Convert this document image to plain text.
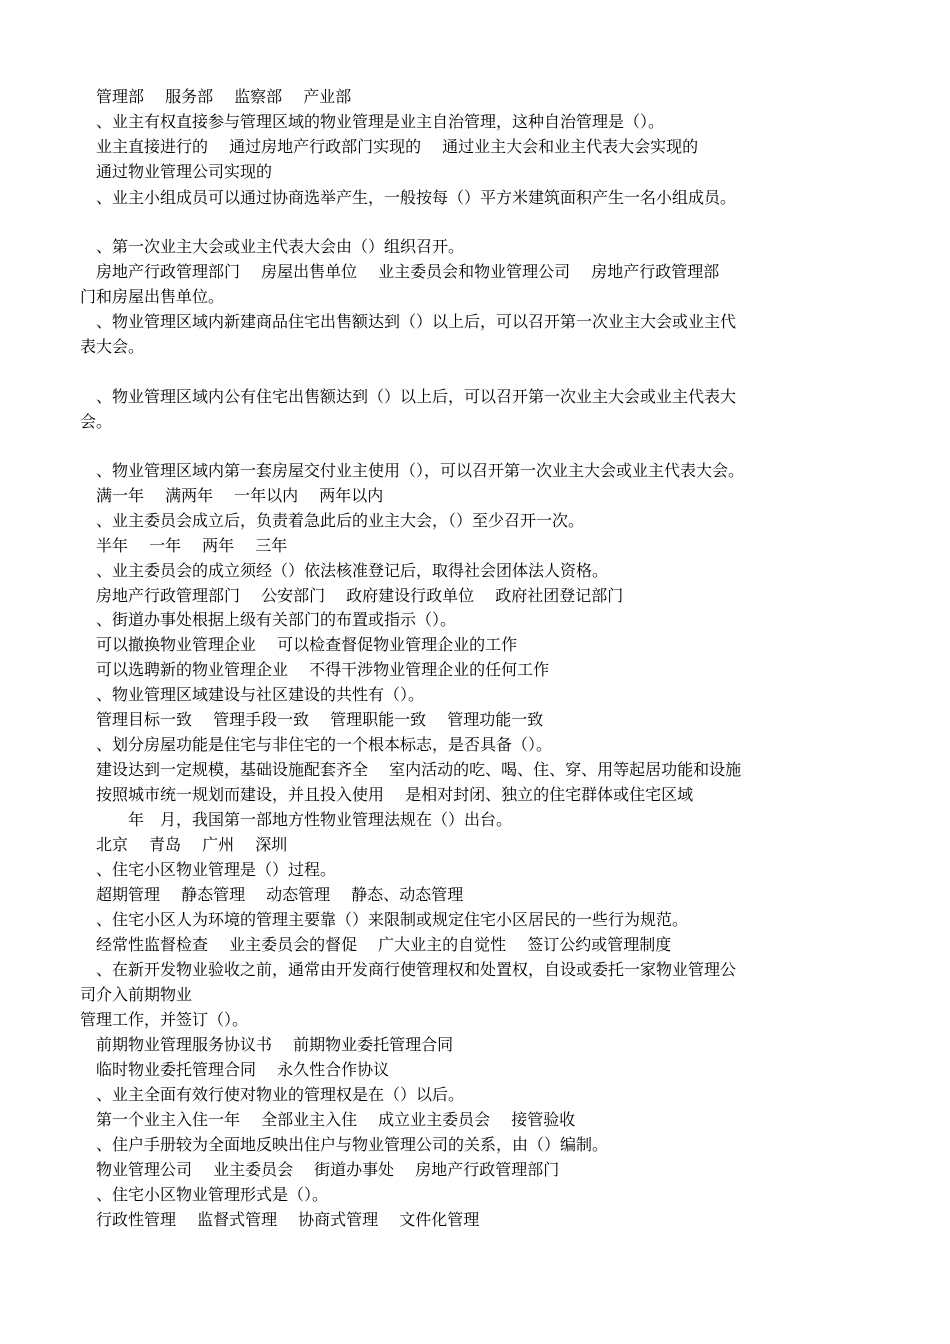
　管理部　 服务部　 监察部　 产业部
　、业主有权直接参与管理区域的物业管理是业主自治管理，这种自治管理是（）。
　业主直接进行的　 通过房地产行政部门实现的　 通过业主大会和业主代表大会实现的
　通过物业管理公司实现的
　、业主小组成员可以通过协商选举产生，一般按每（）平方米建筑面积产生一名小组成员。
　、第一次业主大会或业主代表大会由（）组织召开。
　房地产行政管理部门　 房屋出售单位　 业主委员会和物业管理公司　 房地产行政管理部
门和房屋出售单位。
　、物业管理区域内新建商品住宅出售额达到（）以上后，可以召开第一次业主大会或业主代
表大会。
　、物业管理区域内公有住宅出售额达到（）以上后，可以召开第一次业主大会或业主代表大
会。
　、物业管理区域内第一套房屋交付业主使用（），可以召开第一次业主大会或业主代表大会。
　满一年　 满两年　 一年以内　 两年以内
　、业主委员会成立后，负责着急此后的业主大会，（）至少召开一次。
　半年　 一年　 两年　 三年
　、业主委员会的成立须经（）依法核准登记后，取得社会团体法人资格。
　房地产行政管理部门　 公安部门　 政府建设行政单位　 政府社团登记部门
　、街道办事处根据上级有关部门的布置或指示（）。
　可以撤换物业管理企业　 可以检查督促物业管理企业的工作
　可以选聘新的物业管理企业　 不得干涉物业管理企业的任何工作
　、物业管理区域建设与社区建设的共性有（）。
　管理目标一致　 管理手段一致　 管理职能一致　 管理功能一致
　、划分房屋功能是住宅与非住宅的一个根本标志，是否具备（）。
　建设达到一定规模，基础设施配套齐全　 室内活动的吃、喝、住、穿、用等起居功能和设施
　按照城市统一规划而建设，并且投入使用　 是相对封闭、独立的住宅群体或住宅区域
　　　年　月，我国第一部地方性物业管理法规在（）出台。
　北京　 青岛　 广州　 深圳
　、住宅小区物业管理是（）过程。
　超期管理　 静态管理　 动态管理　 静态、动态管理
　、住宅小区人为环境的管理主要靠（）来限制或规定住宅小区居民的一些行为规范。
　经常性监督检查　 业主委员会的督促　 广大业主的自觉性　 签订公约或管理制度
　、在新开发物业验收之前，通常由开发商行使管理权和处置权，自设或委托一家物业管理公
司介入前期物业
管理工作，并签订（）。
　前期物业管理服务协议书　 前期物业委托管理合同
　临时物业委托管理合同　 永久性合作协议
　、业主全面有效行使对物业的管理权是在（）以后。
　第一个业主入住一年　 全部业主入住　 成立业主委员会　 接管验收
　、住户手册较为全面地反映出住户与物业管理公司的关系，由（）编制。
　物业管理公司　 业主委员会　 街道办事处　 房地产行政管理部门
　、住宅小区物业管理形式是（）。
　行政性管理　 监督式管理　 协商式管理　 文件化管理
